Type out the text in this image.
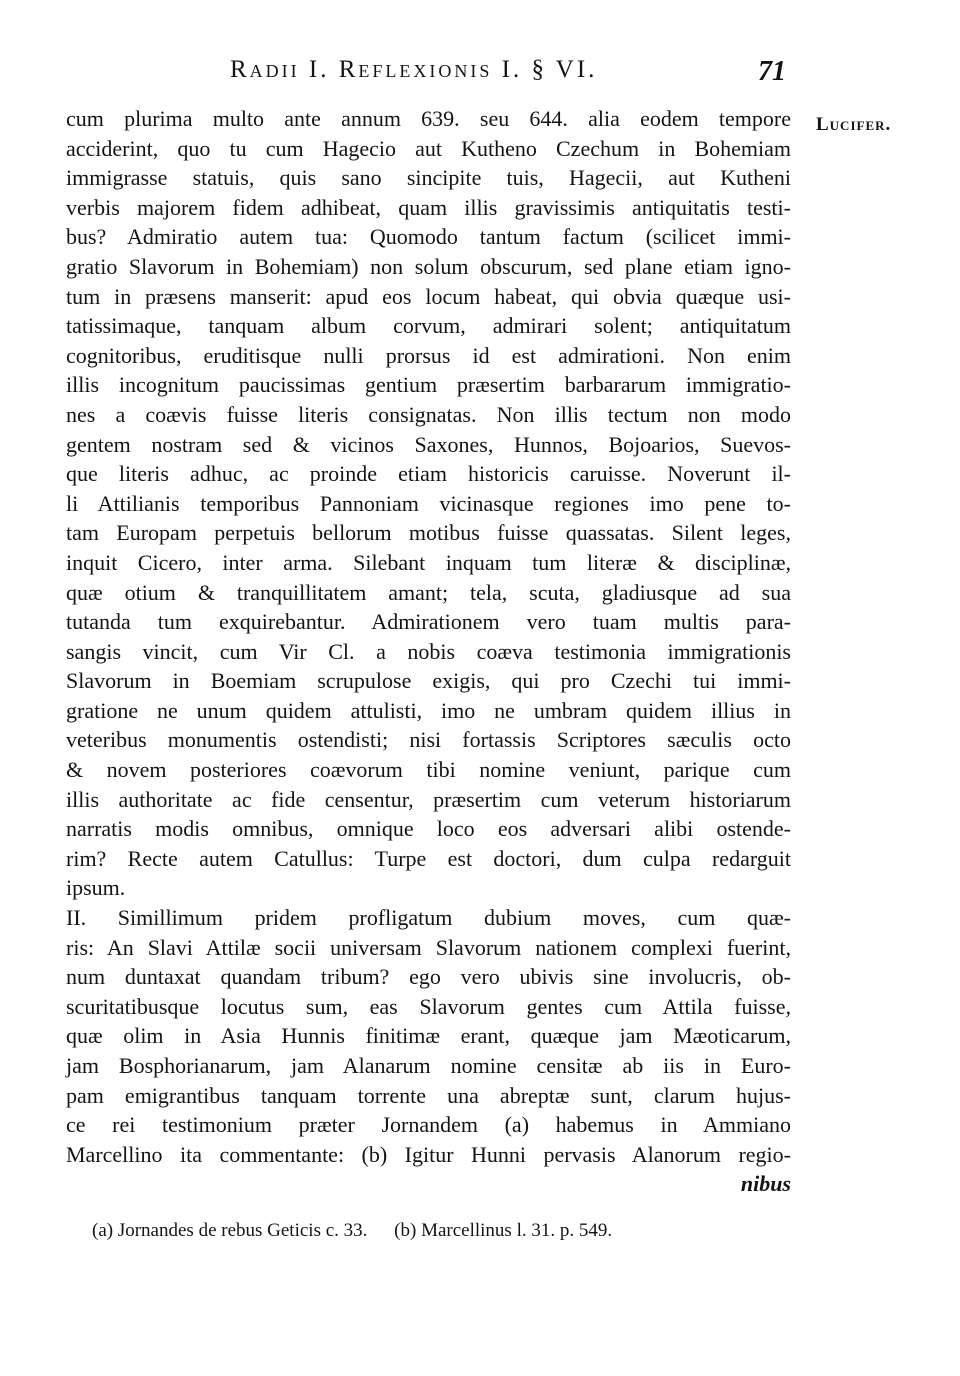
Radii I. Reflexionis I. § VI.	71
Lucifer.
cum plurima multo ante annum 639. seu 644. alia eodem tempore
acciderint, quo tu cum Hagecio aut Kutheno Czechum in Bohemiam
immigrasse statuis, quis sano sincipite tuis, Hagecii, aut Kutheni
verbis majorem fidem adhibeat, quam illis gravissimis antiquitatis testi-
bus? Admiratio autem tua: Quomodo tantum factum (scilicet immi-
gratio Slavorum in Bohemiam) non solum obscurum, sed plane etiam igno-
tum in præsens manserit: apud eos locum habeat, qui obvia quæque usi-
tatissimaque, tanquam album corvum, admirari solent; antiquitatum
cognitoribus, eruditisque nulli prorsus id est admirationi. Non enim
illis incognitum paucissimas gentium præsertim barbararum immigratio-
nes a coævis fuisse literis consignatas. Non illis tectum non modo
gentem nostram sed & vicinos Saxones, Hunnos, Bojoarios, Suevos-
que literis adhuc, ac proinde etiam historicis caruisse. Noverunt il-
li Attilianis temporibus Pannoniam vicinasque regiones imo pene to-
tam Europam perpetuis bellorum motibus fuisse quassatas. Silent leges,
inquit Cicero, inter arma. Silebant inquam tum literæ & disciplinæ,
quæ otium & tranquillitatem amant; tela, scuta, gladiusque ad sua
tutanda tum exquirebantur. Admirationem vero tuam multis para-
sangis vincit, cum Vir Cl. a nobis coæva testimonia immigrationis
Slavorum in Boemiam scrupulose exigis, qui pro Czechi tui immi-
gratione ne unum quidem attulisti, imo ne umbram quidem illius in
veteribus monumentis ostendisti; nisi fortassis Scriptores sæculis octo
& novem posteriores coævorum tibi nomine veniunt, parique cum
illis authoritate ac fide censentur, præsertim cum veterum historiarum
narratis modis omnibus, omnique loco eos adversari alibi ostende-
rim? Recte autem Catullus: Turpe est doctori, dum culpa redarguit
ipsum.
II. Simillimum pridem profligatum dubium moves, cum quæ-
ris: An Slavi Attilæ socii universam Slavorum nationem complexi fuerint,
num duntaxat quandam tribum? ego vero ubivis sine involucris, ob-
scuritatibusque locutus sum, eas Slavorum gentes cum Attila fuisse,
quæ olim in Asia Hunnis finitimæ erant, quæque jam Mæoticarum,
jam Bosphorianarum, jam Alanarum nomine censitæ ab iis in Euro-
pam emigrantibus tanquam torrente una abreptæ sunt, clarum hujus-
ce rei testimonium præter Jornandem (a) habemus in Ammiano
Marcellino ita commentante: (b) Igitur Hunni pervasis Alanorum regio-
nibus
(a) Jornandes de rebus Geticis c. 33. (b) Marcellinus l. 31. p. 549.
